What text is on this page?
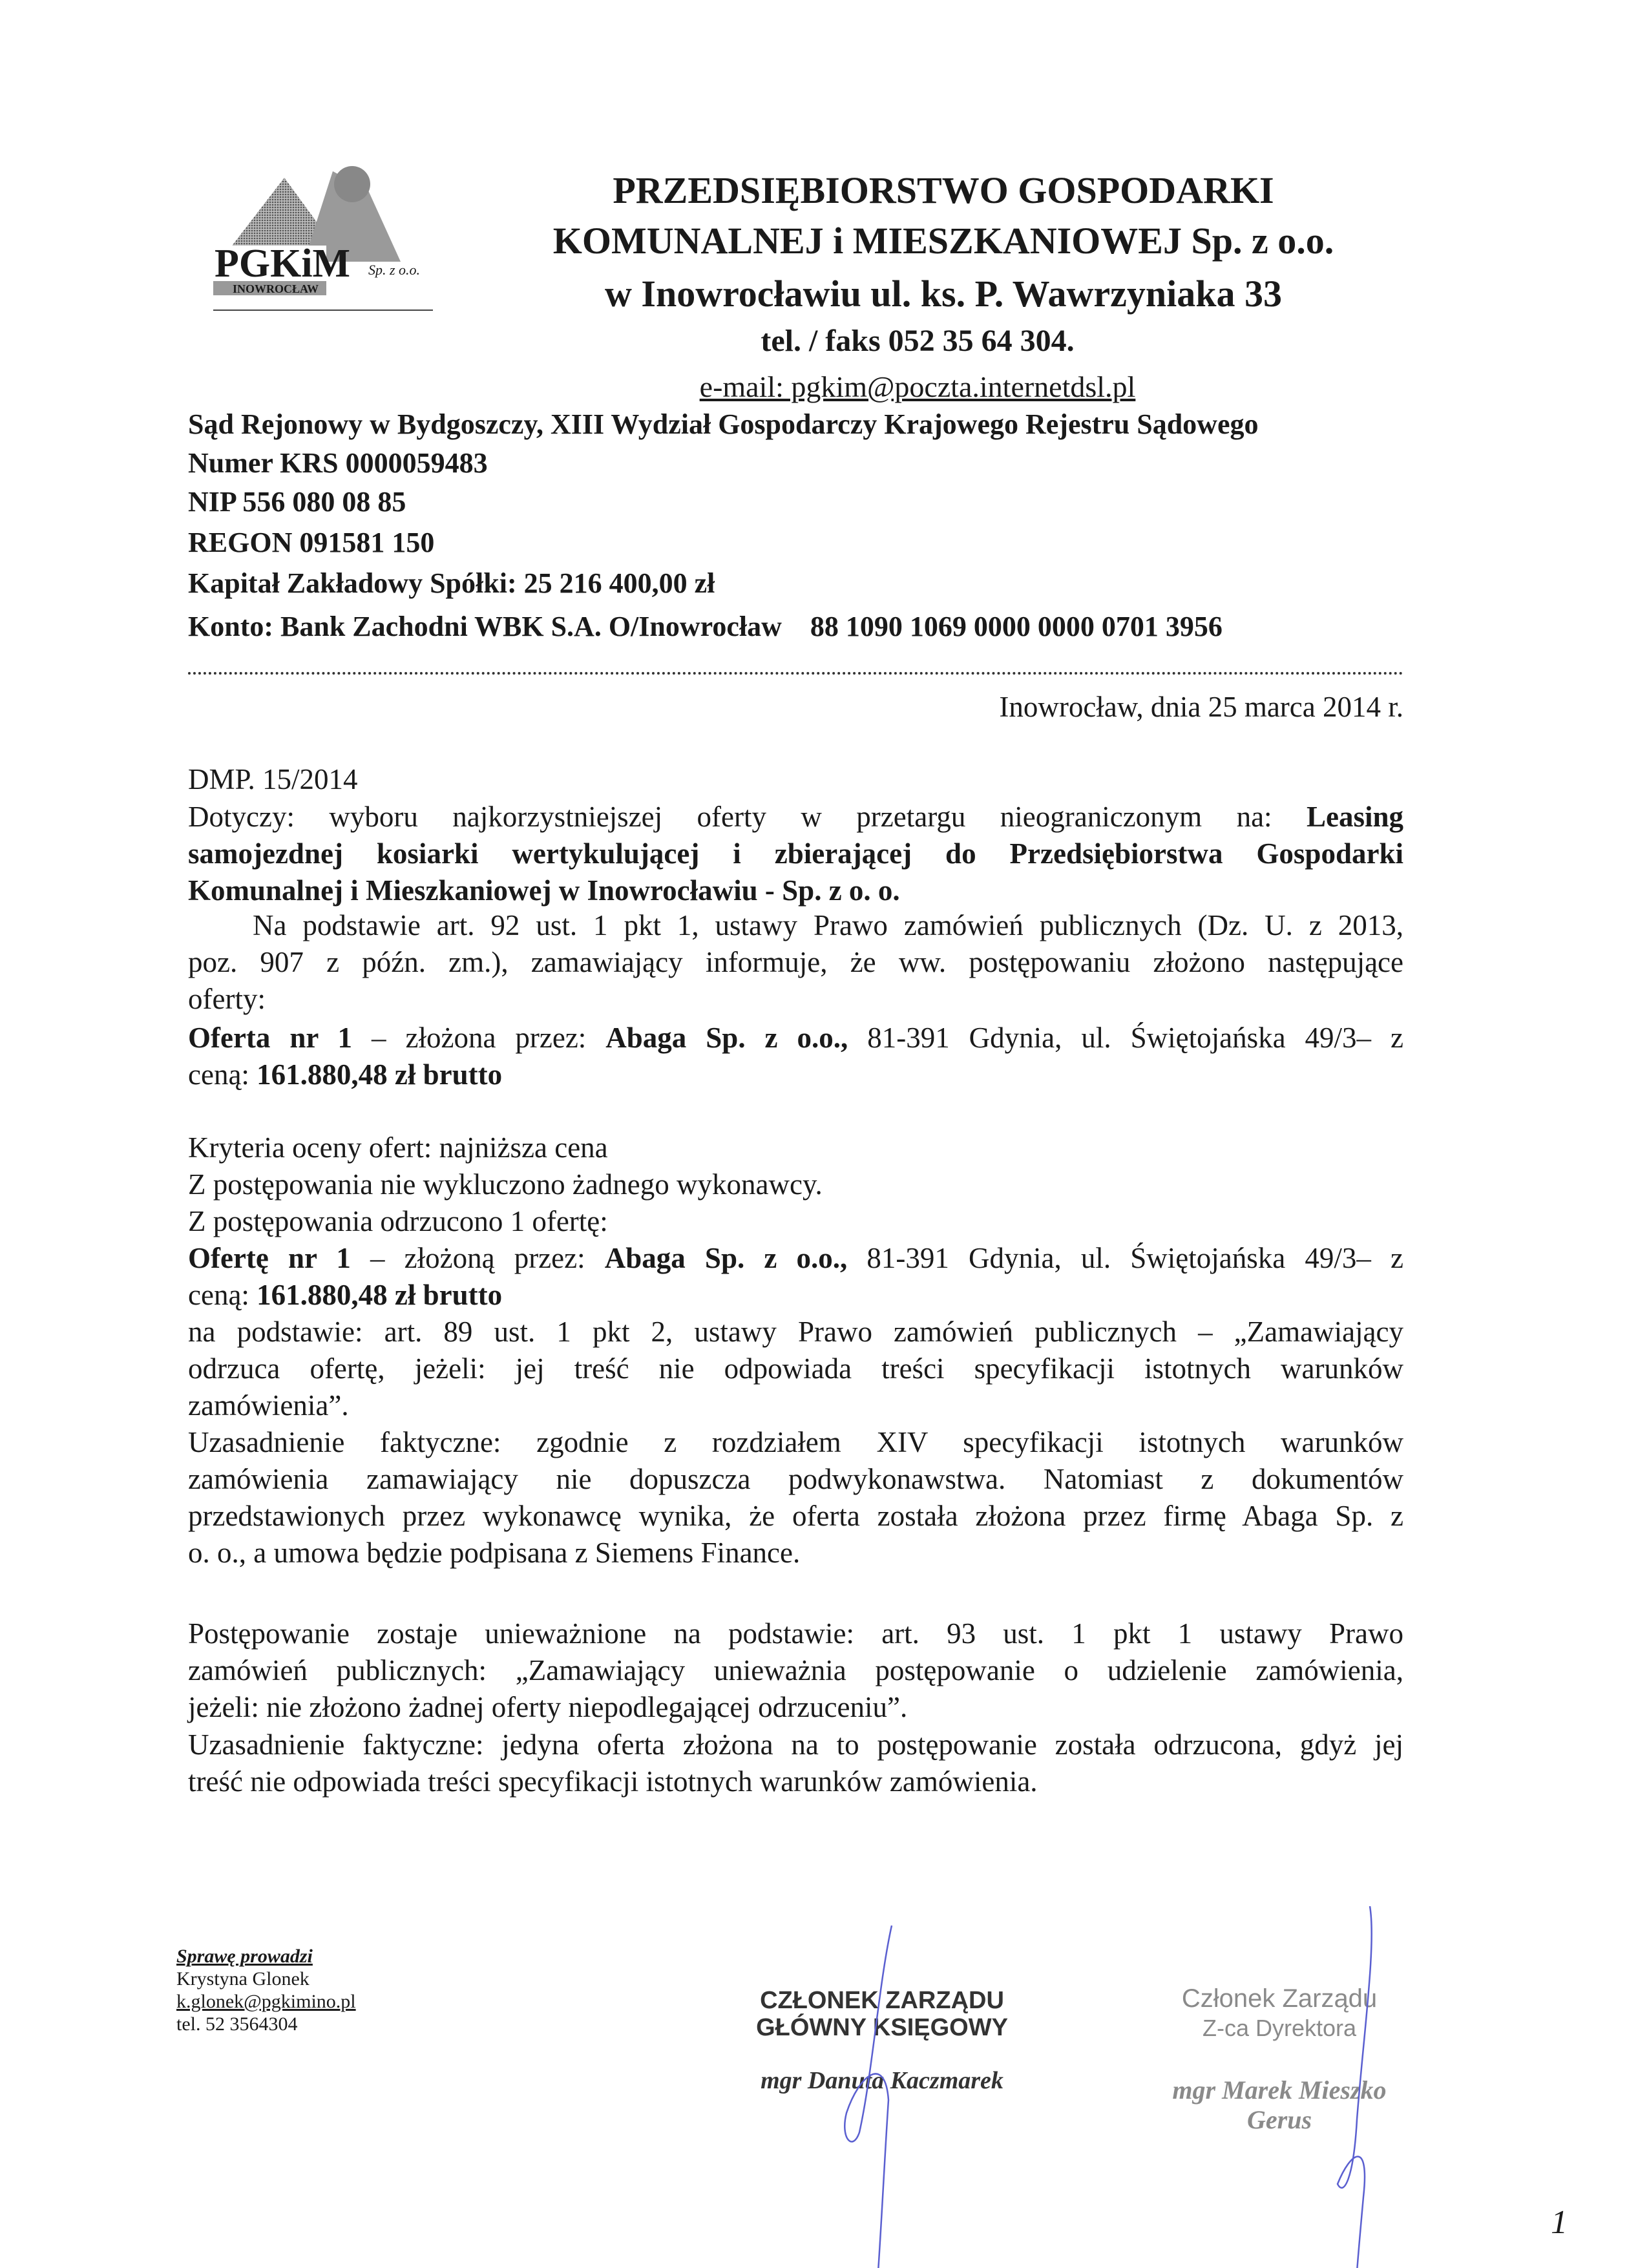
PGKiM Sp. z o.o.
INOWROCŁAW
PRZEDSIĘBIORSTWO GOSPODARKI
KOMUNALNEJ i MIESZKANIOWEJ Sp. z o.o.
w Inowrocławiu ul. ks. P. Wawrzyniaka 33
tel. / faks 052 35 64 304.
e-mail: pgkim@poczta.internetdsl.pl
Sąd Rejonowy w Bydgoszczy, XIII Wydział Gospodarczy Krajowego Rejestru Sądowego
Numer KRS 0000059483
NIP 556 080 08 85
REGON 091581 150
Kapitał Zakładowy Spółki: 25 216 400,00 zł
Konto: Bank Zachodni WBK S.A. O/Inowrocław    88 1090 1069 0000 0000 0701 3956
Inowrocław, dnia 25 marca 2014 r.
DMP. 15/2014
Dotyczy: wyboru najkorzystniejszej oferty w przetargu nieograniczonym na: Leasing
samojezdnej kosiarki wertykulującej i zbierającej do Przedsiębiorstwa Gospodarki
Komunalnej i Mieszkaniowej w Inowrocławiu - Sp. z o. o.
Na podstawie art. 92 ust. 1 pkt 1, ustawy Prawo zamówień publicznych (Dz. U. z 2013,
poz. 907 z późn. zm.), zamawiający informuje, że ww. postępowaniu złożono następujące
oferty:
Oferta nr 1 – złożona przez: Abaga Sp. z o.o., 81-391 Gdynia, ul. Świętojańska 49/3– z
ceną: 161.880,48 zł brutto
Kryteria oceny ofert: najniższa cena
Z postępowania nie wykluczono żadnego wykonawcy.
Z postępowania odrzucono 1 ofertę:
Ofertę nr 1 – złożoną przez: Abaga Sp. z o.o., 81-391 Gdynia, ul. Świętojańska 49/3– z
ceną: 161.880,48 zł brutto
na podstawie: art. 89 ust. 1 pkt 2, ustawy Prawo zamówień publicznych – „Zamawiający
odrzuca ofertę, jeżeli: jej treść nie odpowiada treści specyfikacji istotnych warunków
zamówienia”.
Uzasadnienie faktyczne: zgodnie z rozdziałem XIV specyfikacji istotnych warunków
zamówienia zamawiający nie dopuszcza podwykonawstwa. Natomiast z dokumentów
przedstawionych przez wykonawcę wynika, że oferta została złożona przez firmę Abaga Sp. z
o. o., a umowa będzie podpisana z Siemens Finance.
Postępowanie zostaje unieważnione na podstawie: art. 93 ust. 1 pkt 1 ustawy Prawo
zamówień publicznych: „Zamawiający unieważnia postępowanie o udzielenie zamówienia,
jeżeli: nie złożono żadnej oferty niepodlegającej odrzuceniu”.
Uzasadnienie faktyczne: jedyna oferta złożona na to postępowanie została odrzucona, gdyż jej
treść nie odpowiada treści specyfikacji istotnych warunków zamówienia.
Sprawę prowadzi
Krystyna Glonek
k.glonek@pgkimino.pl
tel. 52 3564304
CZŁONEK ZARZĄDU
GŁÓWNY KSIĘGOWY
mgr Danuta Kaczmarek
Członek Zarządu
Z-ca Dyrektora
mgr Marek Mieszko Gerus
1
